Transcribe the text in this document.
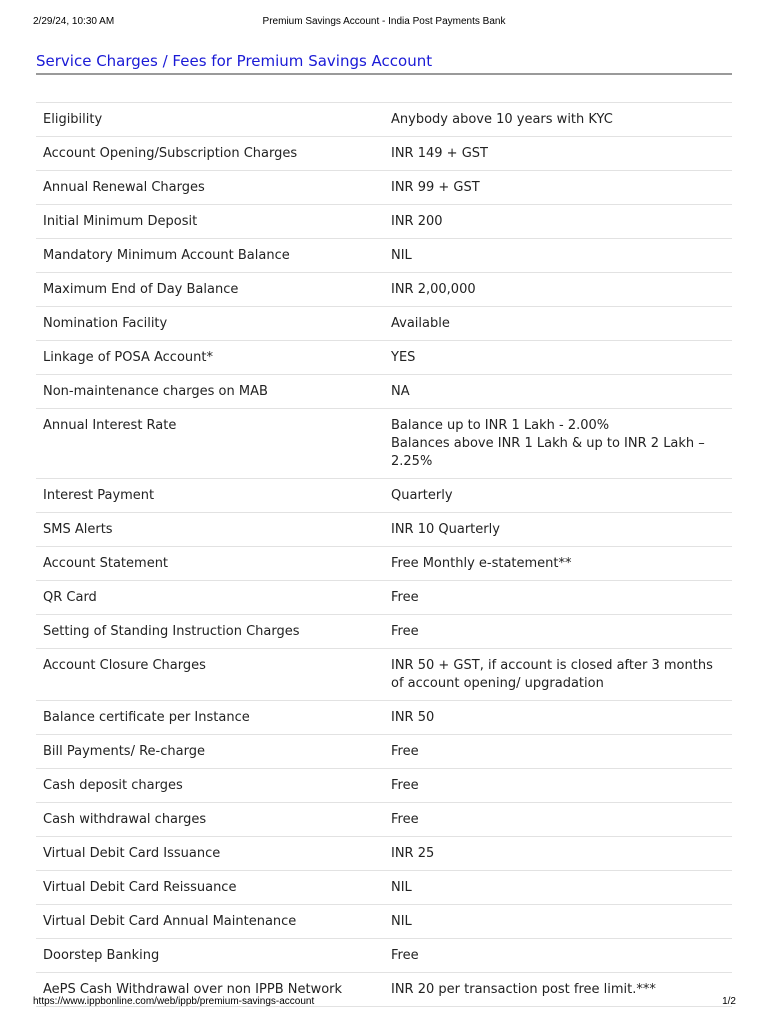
2/29/24, 10:30 AM	Premium Savings Account - India Post Payments Bank
Service Charges / Fees for Premium Savings Account
Eligibility	Anybody above 10 years with KYC

Account Opening/Subscription Charges	INR 149 + GST

Annual Renewal Charges	INR 99 + GST

Initial Minimum Deposit	INR 200

Mandatory Minimum Account Balance	NIL

Maximum End of Day Balance	INR 2,00,000

Nomination Facility	Available

Linkage of POSA Account*	YES

Non-maintenance charges on MAB	NA

Annual Interest Rate	Balance up to INR 1 Lakh - 2.00%
Balances above INR 1 Lakh & up to INR 2 Lakh – 2.25%

Interest Payment	Quarterly

SMS Alerts	INR 10 Quarterly

Account Statement	Free Monthly e-statement**

QR Card	Free

Setting of Standing Instruction Charges	Free

Account Closure Charges	INR 50 + GST, if account is closed after 3 months of account opening/ upgradation

Balance certificate per Instance	INR 50

Bill Payments/ Re-charge	Free

Cash deposit charges	Free

Cash withdrawal charges	Free

Virtual Debit Card Issuance	INR 25

Virtual Debit Card Reissuance	NIL

Virtual Debit Card Annual Maintenance	NIL

Doorstep Banking	Free

AePS Cash Withdrawal over non IPPB Network	INR 20 per transaction post free limit.***
https://www.ippbonline.com/web/ippb/premium-savings-account	1/2
